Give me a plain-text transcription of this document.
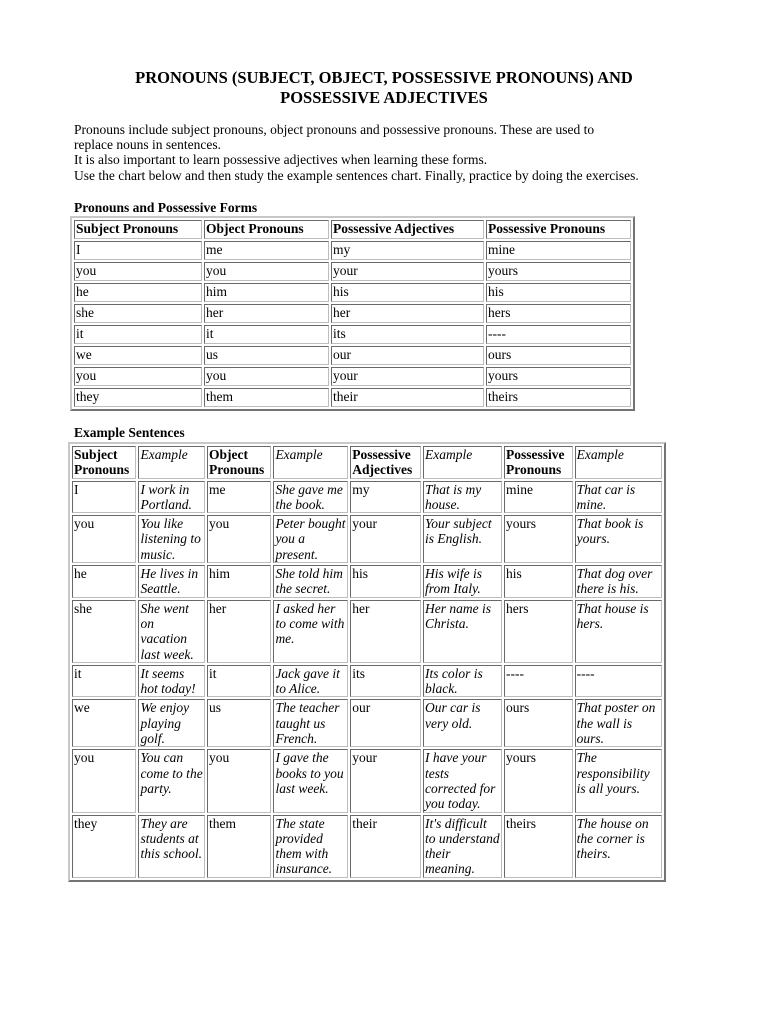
PRONOUNS (SUBJECT, OBJECT, POSSESSIVE PRONOUNS) AND
POSSESSIVE ADJECTIVES
Pronouns include subject pronouns, object pronouns and possessive pronouns. These are used to
replace nouns in sentences.
It is also important to learn possessive adjectives when learning these forms.
Use the chart below and then study the example sentences chart. Finally, practice by doing the exercises.
Pronouns and Possessive Forms
Subject Pronouns	Object Pronouns	Possessive Adjectives	Possessive Pronouns
I	me	my	mine
you	you	your	yours
he	him	his	his
she	her	her	hers
it	it	its	----
we	us	our	ours
you	you	your	yours
they	them	their	theirs
Example Sentences
Subject Pronouns	Example	Object Pronouns	Example	Possessive Adjectives	Example	Possessive Pronouns	Example
I	I work in Portland.	me	She gave me the book.	my	That is my house.	mine	That car is mine.
you	You like listening to music.	you	Peter bought you a present.	your	Your subject is English.	yours	That book is yours.
he	He lives in Seattle.	him	She told him the secret.	his	His wife is from Italy.	his	That dog over there is his.
she	She went on vacation last week.	her	I asked her to come with me.	her	Her name is Christa.	hers	That house is hers.
it	It seems hot today!	it	Jack gave it to Alice.	its	Its color is black.	----	----
we	We enjoy playing golf.	us	The teacher taught us French.	our	Our car is very old.	ours	That poster on the wall is ours.
you	You can come to the party.	you	I gave the books to you last week.	your	I have your tests corrected for you today.	yours	The responsibility is all yours.
they	They are students at this school.	them	The state provided them with insurance.	their	It's difficult to understand their meaning.	theirs	The house on the corner is theirs.
